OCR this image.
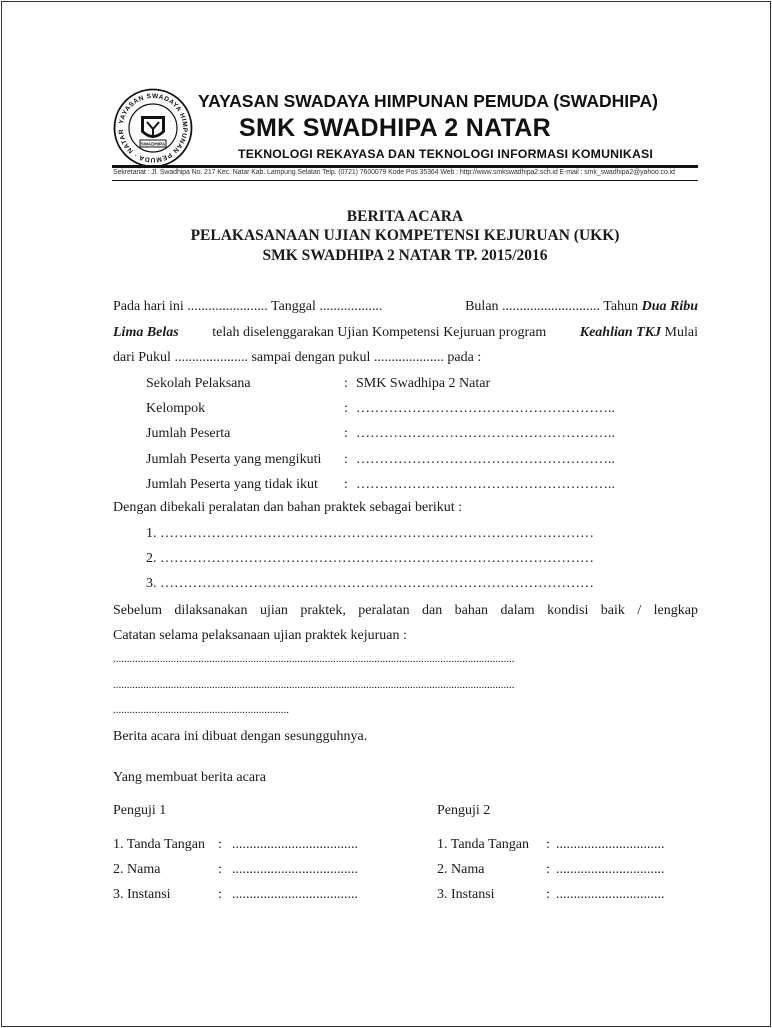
YAYASAN SWADAYA HIMPUNAN PEMUDA · NATAR
SWADHIPA
YAYASAN SWADAYA HIMPUNAN PEMUDA (SWADHIPA)
SMK SWADHIPA 2 NATAR
TEKNOLOGI REKAYASA DAN TEKNOLOGI INFORMASI KOMUNIKASI
Sekretariat : Jl. Swadhipa No. 217 Kec. Natar Kab. Lampung Selatan Telp. (0721) 7600079 Kode Pos 35364 Web : http://www.smkswadhipa2.sch.id E-mail : smk_swadhipa2@yahoo.co.id
BERITA ACARA
PELAKASANAAN UJIAN KOMPETENSI KEJURUAN (UKK)
SMK SWADHIPA 2 NATAR TP. 2015/2016
Pada hari ini ....................... Tanggal ..................	Bulan ............................ Tahun Dua Ribu
Lima Belas telah diselenggarakan Ujian Kompetensi Kejuruan program Keahlian TKJ Mulai
dari Pukul ..................... sampai dengan pukul .................... pada :
Sekolah Pelaksana	: SMK Swadhipa 2 Natar
Kelompok	: ………………………………………………..
Jumlah Peserta	: ………………………………………………..
Jumlah Peserta yang mengikuti : ………………………………………………..
Jumlah Peserta yang tidak ikut : ………………………………………………..
Dengan dibekali peralatan dan bahan praktek sebagai berikut :
1. …………………………………………………………………………………
2. …………………………………………………………………………………
3. …………………………………………………………………………………
Sebelum dilaksanakan ujian praktek, peralatan dan bahan dalam kondisi baik / lengkap
Catatan selama pelaksanaan ujian praktek kejuruan :
..................................................................................................................................................
..................................................................................................................................................
................................................................
Berita acara ini dibuat dengan sesungguhnya.
Yang membuat berita acara
Penguji 1	Penguji 2
1. Tanda Tangan : ....................................
2. Nama	: ....................................
3. Instansi	: ....................................
1. Tanda Tangan : ...............................
2. Nama	: ...............................
3. Instansi	: ...............................
